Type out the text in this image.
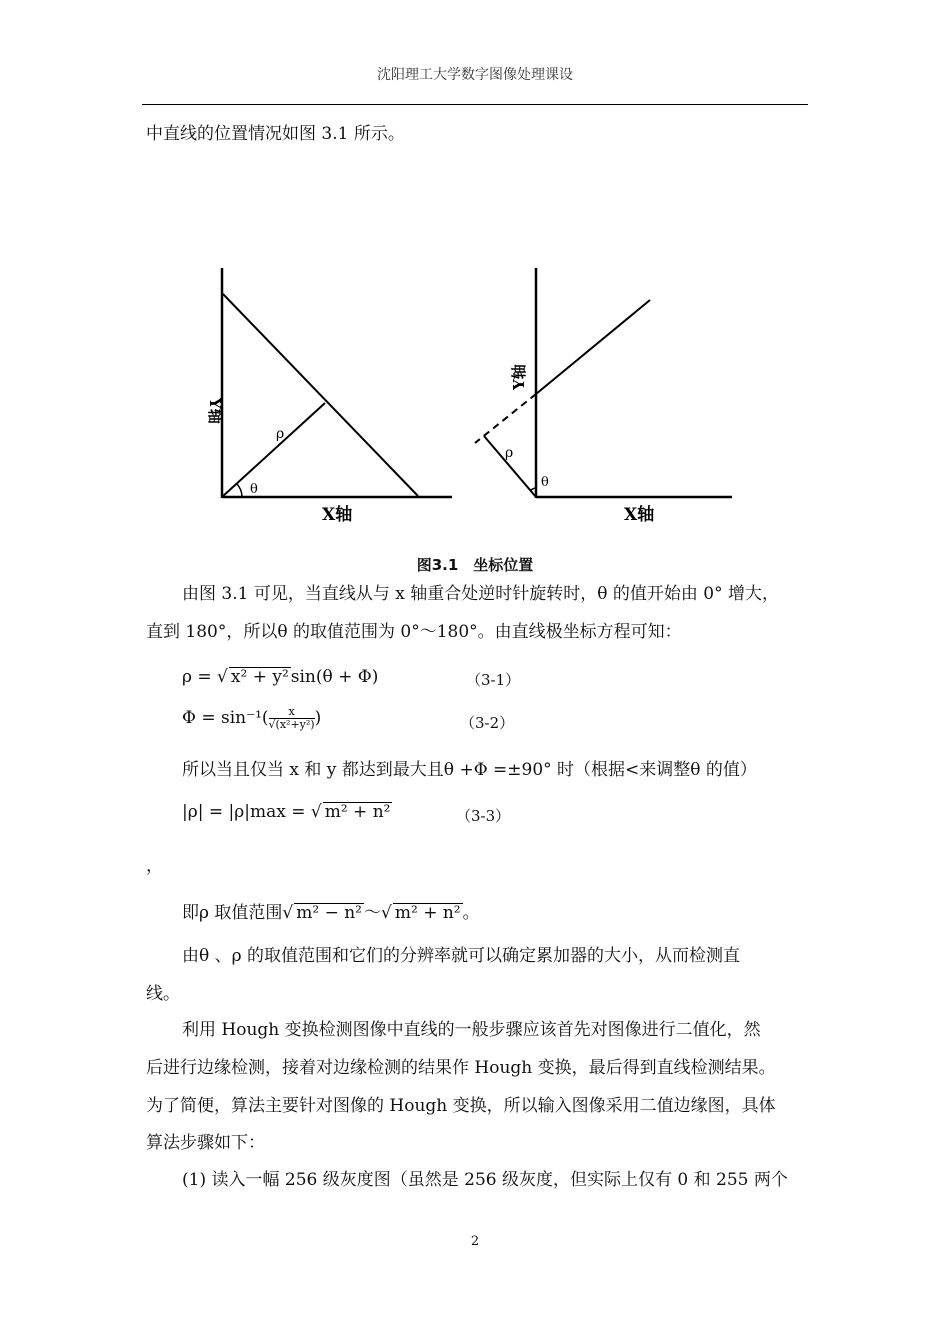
沈阳理工大学数字图像处理课设
中直线的位置情况如图 3.1 所示。
ρ
θ
Y轴
X轴
ρ
θ
Y轴
X轴
图3.1　坐标位置
由图 3.1 可见，当直线从与 x 轴重合处逆时针旋转时，θ 的值开始由 0° 增大，
直到 180°，所以θ 的取值范围为 0°～180°。由直线极坐标方程可知：
ρ = √ x² + y² sin(θ + Φ)	（3-1）
$\Phi = \sin^{-1}( \frac{x}{\text{√(x²+y²)}}$ )	（3-2）
所以当且仅当 x 和 y 都达到最大且θ +Φ =±90° 时（根据<来调整θ 的值）
|ρ| = |ρ|max = √ m² + n²	（3-3）
，
即ρ 取值范围√ m² − n² ～√ m² + n² 。
由θ 、ρ 的取值范围和它们的分辨率就可以确定累加器的大小，从而检测直
线。
利用 Hough 变换检测图像中直线的一般步骤应该首先对图像进行二值化，然
后进行边缘检测，接着对边缘检测的结果作 Hough 变换，最后得到直线检测结果。
为了简便，算法主要针对图像的 Hough 变换，所以输入图像采用二值边缘图，具体
算法步骤如下：
(1) 读入一幅 256 级灰度图（虽然是 256 级灰度，但实际上仅有 0 和 255 两个
2
